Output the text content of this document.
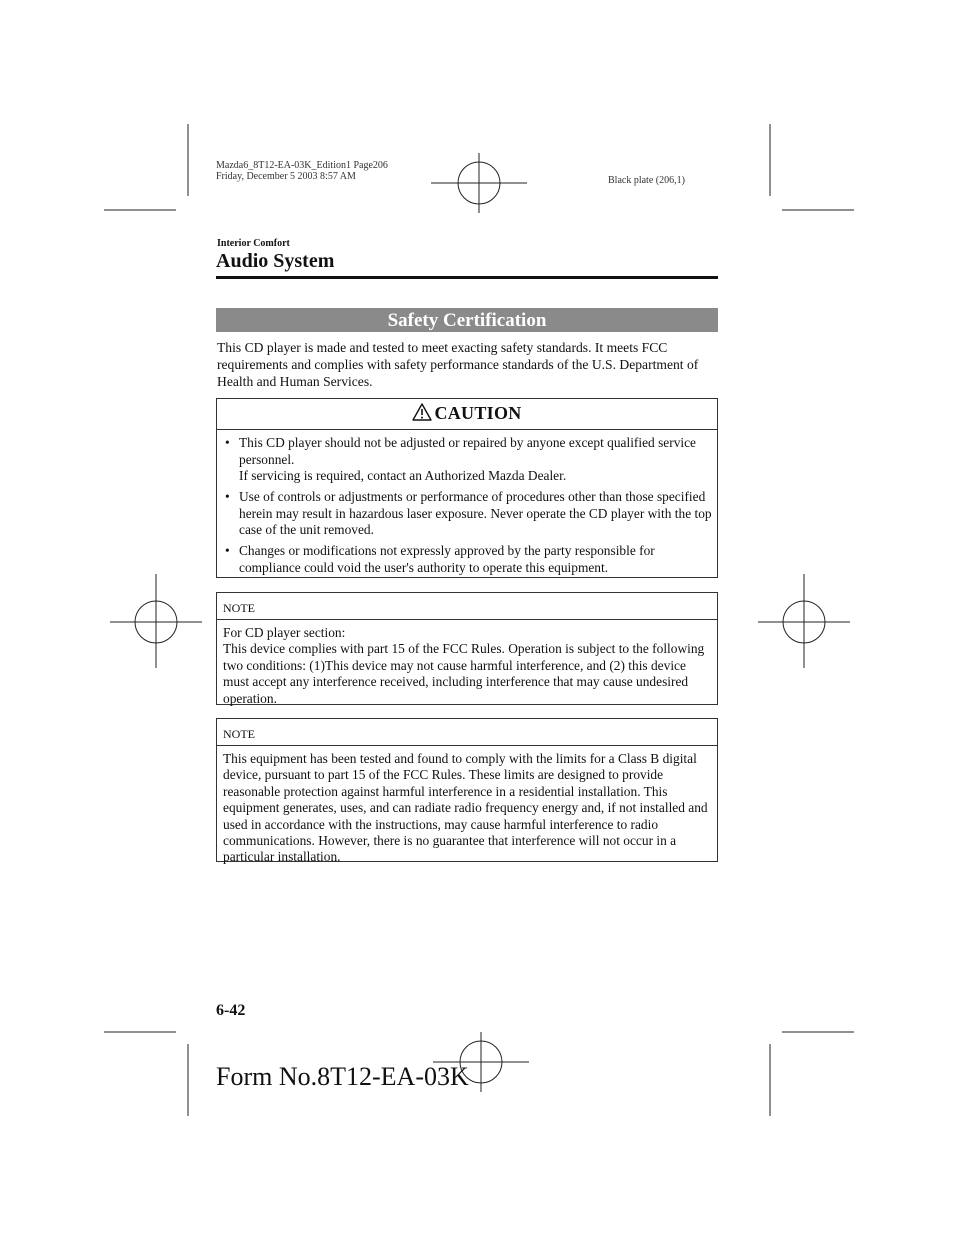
Mazda6_8T12-EA-03K_Edition1 Page206
Friday, December 5 2003 8:57 AM	Black plate (206,1)
Interior Comfort
Audio System
Safety Certification
This CD player is made and tested to meet exacting safety standards. It meets FCC requirements and complies with safety performance standards of the U.S. Department of Health and Human Services.
CAUTION
• This CD player should not be adjusted or repaired by anyone except qualified service personnel.
If servicing is required, contact an Authorized Mazda Dealer.
• Use of controls or adjustments or performance of procedures other than those specified herein may result in hazardous laser exposure. Never operate the CD player with the top case of the unit removed.
• Changes or modifications not expressly approved by the party responsible for compliance could void the user's authority to operate this equipment.
NOTE
For CD player section:
This device complies with part 15 of the FCC Rules. Operation is subject to the following two conditions: (1)This device may not cause harmful interference, and (2) this device must accept any interference received, including interference that may cause undesired operation.
NOTE
This equipment has been tested and found to comply with the limits for a Class B digital device, pursuant to part 15 of the FCC Rules. These limits are designed to provide reasonable protection against harmful interference in a residential installation. This equipment generates, uses, and can radiate radio frequency energy and, if not installed and used in accordance with the instructions, may cause harmful interference to radio communications. However, there is no guarantee that interference will not occur in a particular installation.
6-42
Form No.8T12-EA-03K
